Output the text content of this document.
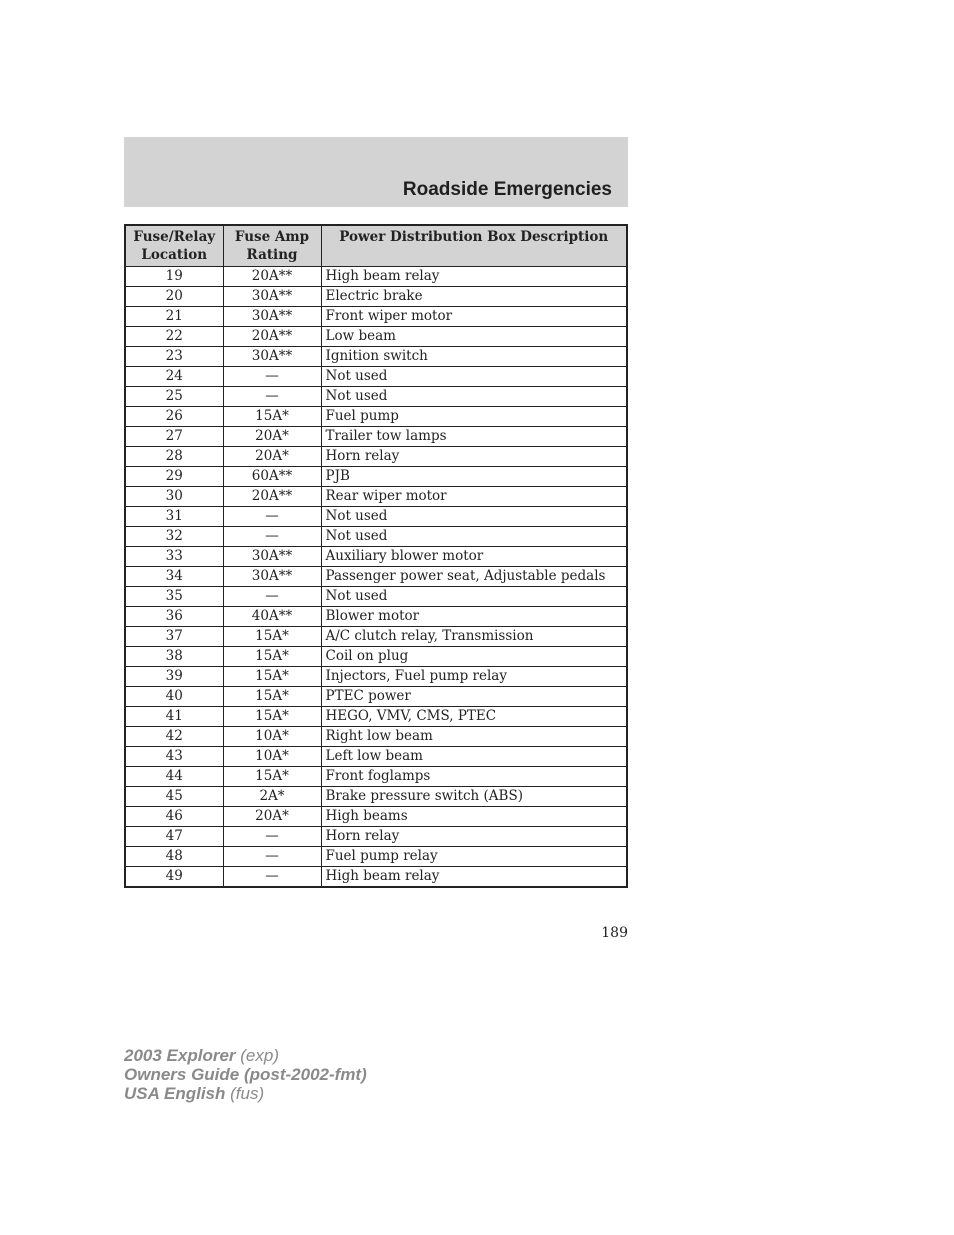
Roadside Emergencies
Fuse/Relay Location	Fuse Amp Rating	Power Distribution Box Description
19	20A**	High beam relay
20	30A**	Electric brake
21	30A**	Front wiper motor
22	20A**	Low beam
23	30A**	Ignition switch
24	—	Not used
25	—	Not used
26	15A*	Fuel pump
27	20A*	Trailer tow lamps
28	20A*	Horn relay
29	60A**	PJB
30	20A**	Rear wiper motor
31	—	Not used
32	—	Not used
33	30A**	Auxiliary blower motor
34	30A**	Passenger power seat, Adjustable pedals
35	—	Not used
36	40A**	Blower motor
37	15A*	A/C clutch relay, Transmission
38	15A*	Coil on plug
39	15A*	Injectors, Fuel pump relay
40	15A*	PTEC power
41	15A*	HEGO, VMV, CMS, PTEC
42	10A*	Right low beam
43	10A*	Left low beam
44	15A*	Front foglamps
45	2A*	Brake pressure switch (ABS)
46	20A*	High beams
47	—	Horn relay
48	—	Fuel pump relay
49	—	High beam relay
189
2003 Explorer (exp)
Owners Guide (post-2002-fmt)
USA English (fus)
